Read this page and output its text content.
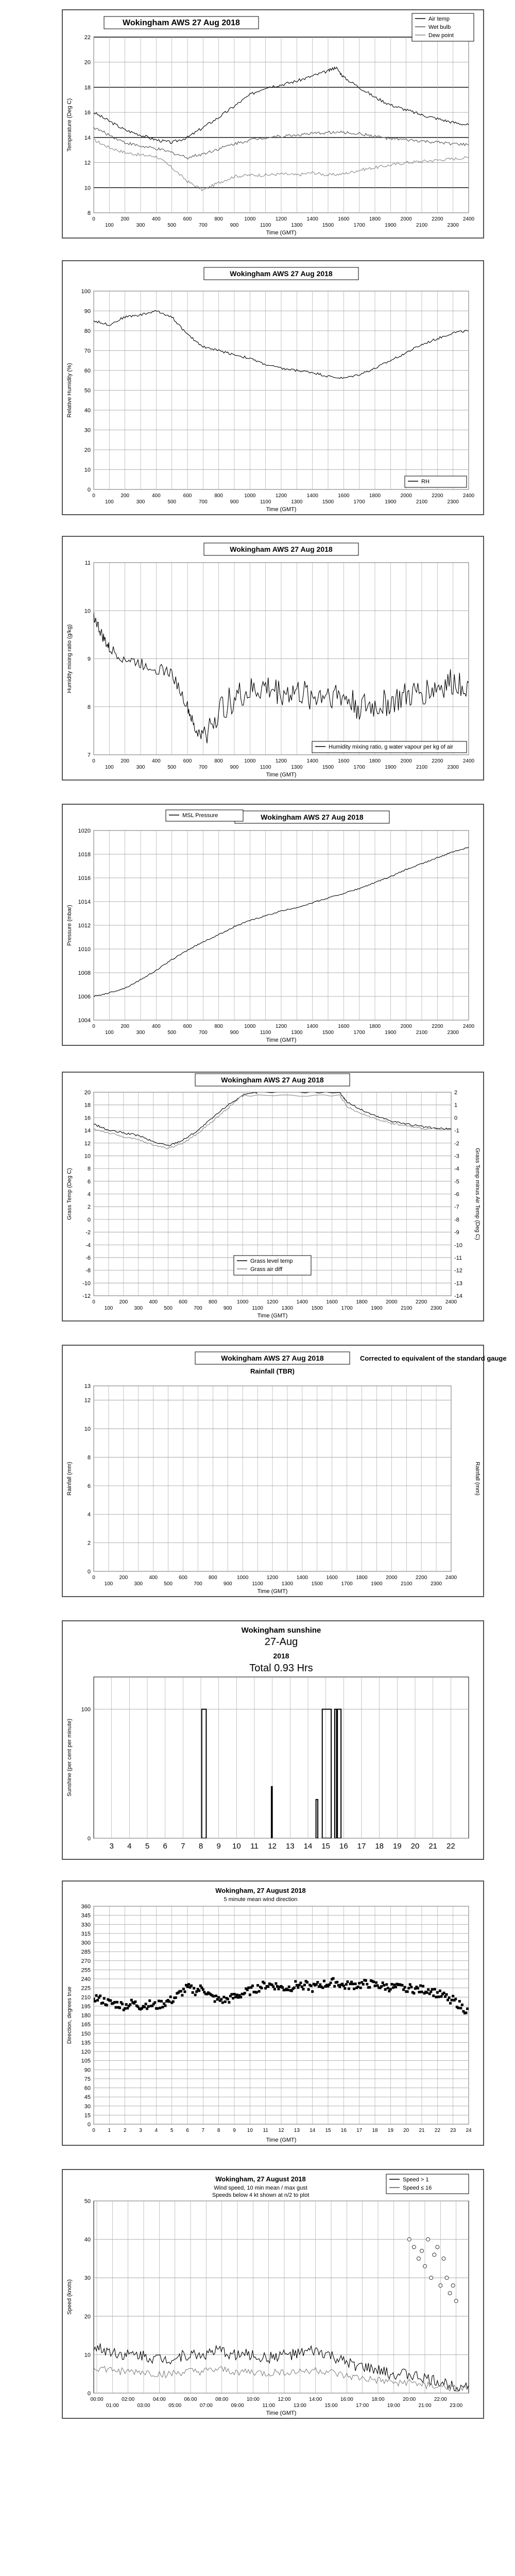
8
10
12
14
16
18
20
22
0
100
200
300
400
500
600
700
800
900
1000
1100
1200
1300
1400
1500
1600
1700
1800
1900
2000
2100
2200
2300
2400
Time (GMT)
Temperature (Deg C)
Wokingham AWS 27 Aug 2018	Air temp
Wet bulb
Dew point
0
10
20
30
40
50
60
70
80
90
100
0
100
200
300
400
500
600
700
800
900
1000
1100
1200
1300
1400
1500
1600
1700
1800
1900
2000
2100
2200
2300
2400
Time (GMT)
Relative Humidity (%)
Wokingham AWS 27 Aug 2018
RH
7
8
9
10
11
0
100
200
300
400
500
600
700
800
900
1000
1100
1200
1300
1400
1500
1600
1700
1800
1900
2000
2100
2200
2300
2400
Time (GMT)
Humidity mixing ratio (g/kg)
Wokingham AWS 27 Aug 2018
Humidity mixing ratio, g water vapour per kg of air
1004
1006
1008
1010
1012
1014
1016
1018
1020
0
100
200
300
400
500
600
700
800
900
1000
1100
1200
1300
1400
1500
1600
1700
1800
1900
2000
2100
2200
2300
2400
Time (GMT)
Pressure (mbar)
Wokingham AWS 27 Aug 2018
MSL Pressure
-12
-10
-8
-6
-4
-2
0
2
4
6
8
10
12
14
16
18
20
0
100
200
300
400
500
600
700
800
900
1000
1100
1200
1300
1400
1500
1600
1700
1800
1900
2000
2100
2200
2300
2400
-14
-13
-12
-11
-10
-9
-8
-7
-6
-5
-4
-3
-2
-1
0
1
2
Grass Temp minus Air Temp (Deg C)
Time (GMT)
Grass Temp (Deg C)
Wokingham AWS 27 Aug 2018
Grass level temp
Grass air diff
0
2
4
6
8
10
12
13
0
100
200
300
400
500
600
700
800
900
1000
1100
1200
1300
1400
1500
1600
1700
1800
1900
2000
2100
2200
2300
2400
Rainfall (mm)
Time (GMT)
Rainfall (mm)
Wokingham AWS 27 Aug 2018
Rainfall (TBR)
Corrected to equivalent of the standard gauge
0
100
3 4 5 6 7 8 9 10 11 12 13 14 15 16 17 18 19 20 21 22
Sunshine (per cent per minute)
Wokingham sunshine
27-Aug
2018
Total 0.93 Hrs
0
15
30
45
60
75
90
105
120
135
150
165
180
195
210
225
240
255
270
285
300
315
330
345
360
0 1 2 3 4 5 6 7 8 9 10 11 12 13 14 15 16 17 18 19 20 21 22 23 24
Time (GMT)
Direction, degrees true
Wokingham, 27 August 2018
5 minute mean wind direction
0
10
20
30
40
50
00:00
01:00
02:00
03:00
04:00
05:00
06:00
07:00
08:00
09:00
10:00
11:00
12:00
13:00
14:00
15:00
16:00
17:00
18:00
19:00
20:00
21:00
22:00
23:00
Time (GMT)
Speed (knots)
Wokingham, 27 August 2018
Wind speed, 10 min mean / max gust
Speeds below 4 kt shown at n/2 to plot
Speed > 1
Speed ≤ 16
